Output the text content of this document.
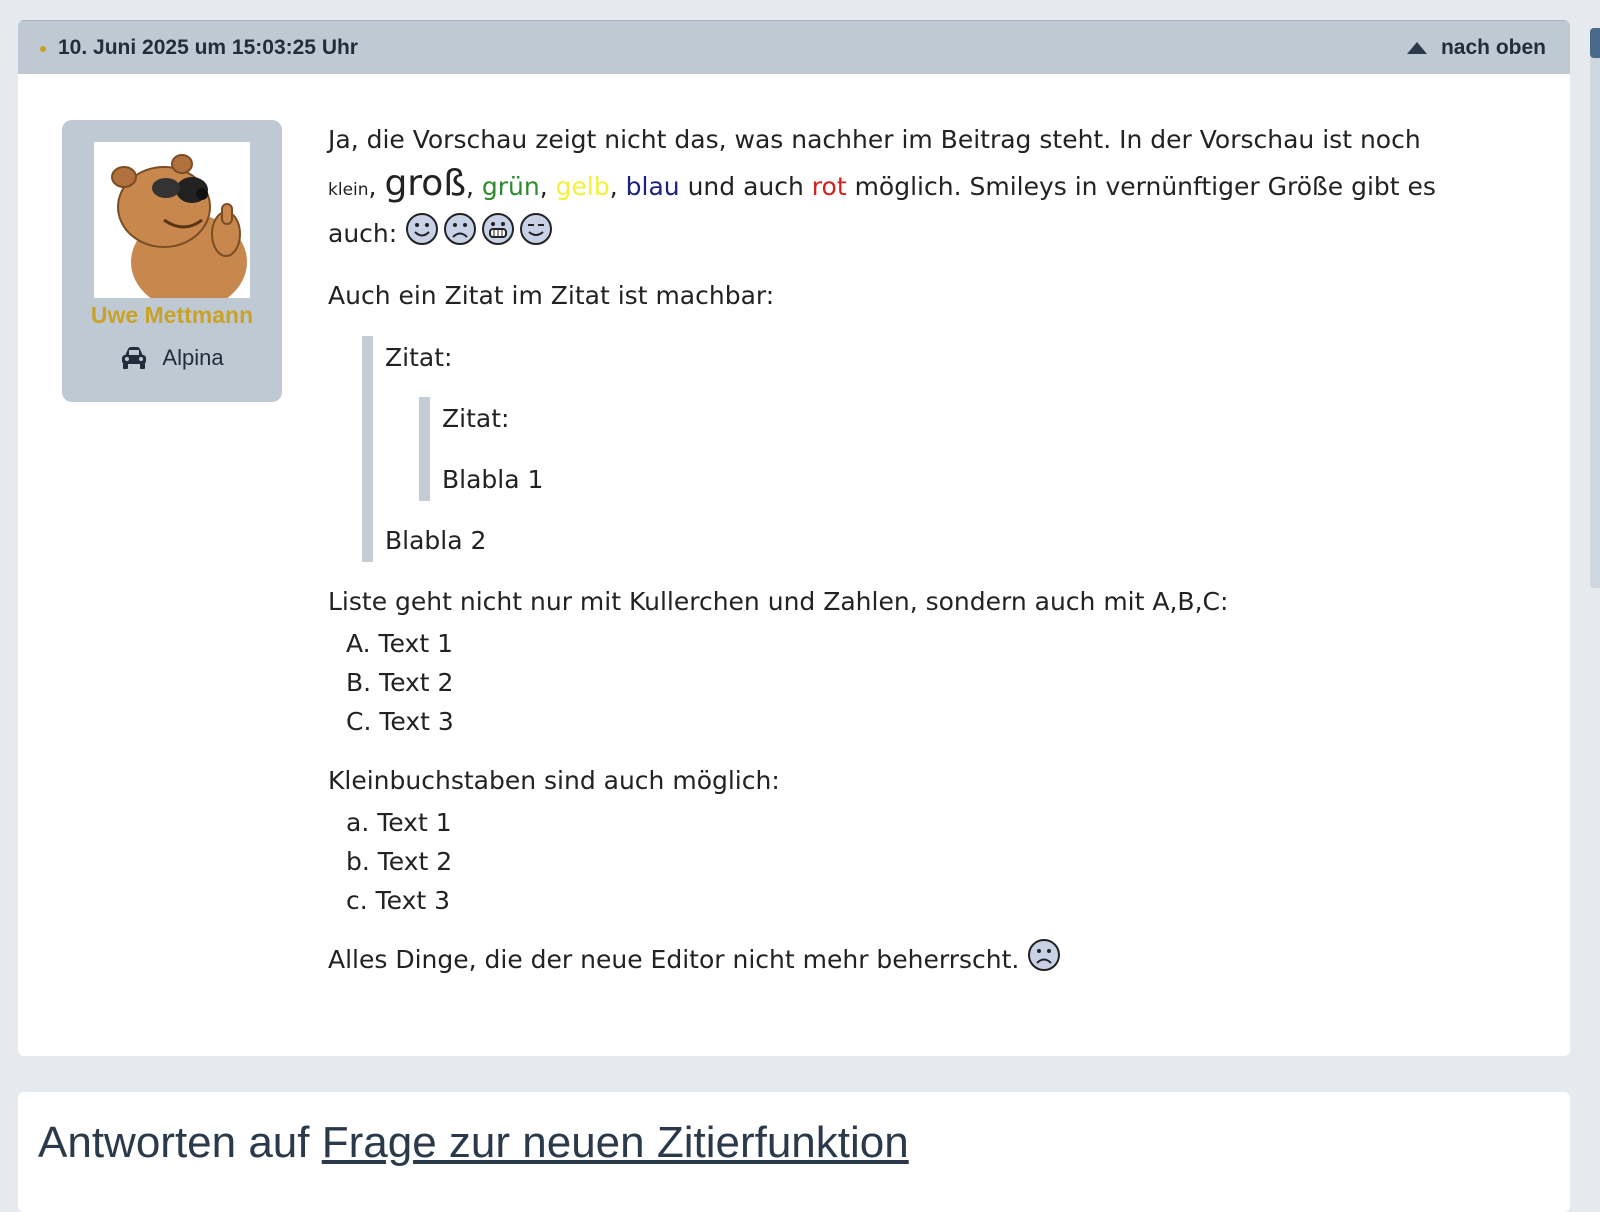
10. Juni 2025 um 15:03:25 Uhr	nach oben
Uwe Mettmann
Alpina

Ja, die Vorschau zeigt nicht das, was nachher im Beitrag steht. In der Vorschau ist noch
klein, groß, grün, gelb, blau und auch rot möglich. Smileys in vernünftiger Größe gibt es
auch:

Auch ein Zitat im Zitat ist machbar:

Zitat:
Zitat:
Blabla 1
Blabla 2

Liste geht nicht nur mit Kullerchen und Zahlen, sondern auch mit A,B,C:

A. Text 1
B. Text 2
C. Text 3

Kleinbuchstaben sind auch möglich:

a. Text 1
b. Text 2
c. Text 3

Alles Dinge, die der neue Editor nicht mehr beherrscht.

Antworten auf Frage zur neuen Zitierfunktion
